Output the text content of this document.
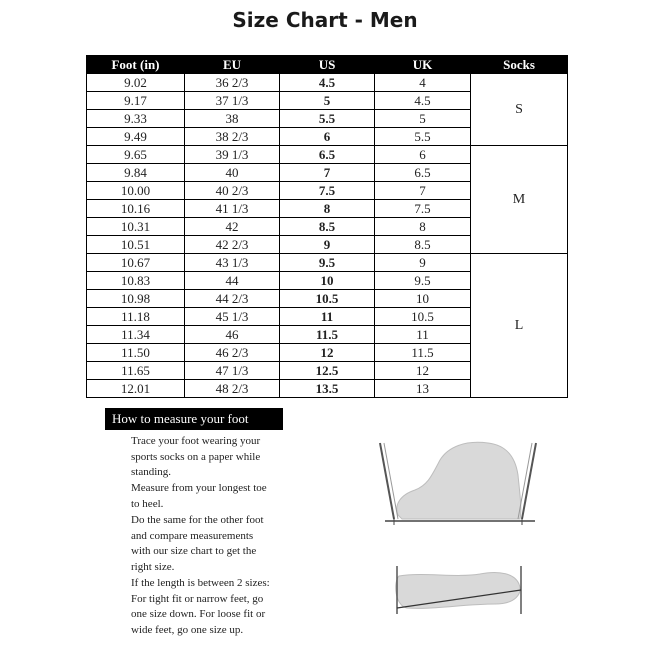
Size Chart - Men
Foot (in)	EU	US	UK	Socks
9.02	36 2/3	4.5	4	S
9.17	37 1/3	5	4.5	
9.33	38	5.5	5	
9.49	38 2/3	6	5.5	
9.65	39 1/3	6.5	6	M
9.84	40	7	6.5	
10.00	40 2/3	7.5	7	
10.16	41 1/3	8	7.5	
10.31	42	8.5	8	
10.51	42 2/3	9	8.5	
10.67	43 1/3	9.5	9	L
10.83	44	10	9.5	
10.98	44 2/3	10.5	10	
11.18	45 1/3	11	10.5	
11.34	46	11.5	11	
11.50	46 2/3	12	11.5	
11.65	47 1/3	12.5	12	
12.01	48 2/3	13.5	13	
How to measure your foot
Trace your foot wearing your
sports socks on a paper while
standing.
Measure from your longest toe
to heel.
Do the same for the other foot
and compare measurements
with our size chart to get the
right size.
If the length is between 2 sizes:
For tight fit or narrow feet, go
one size down. For loose fit or
wide feet, go one size up.
